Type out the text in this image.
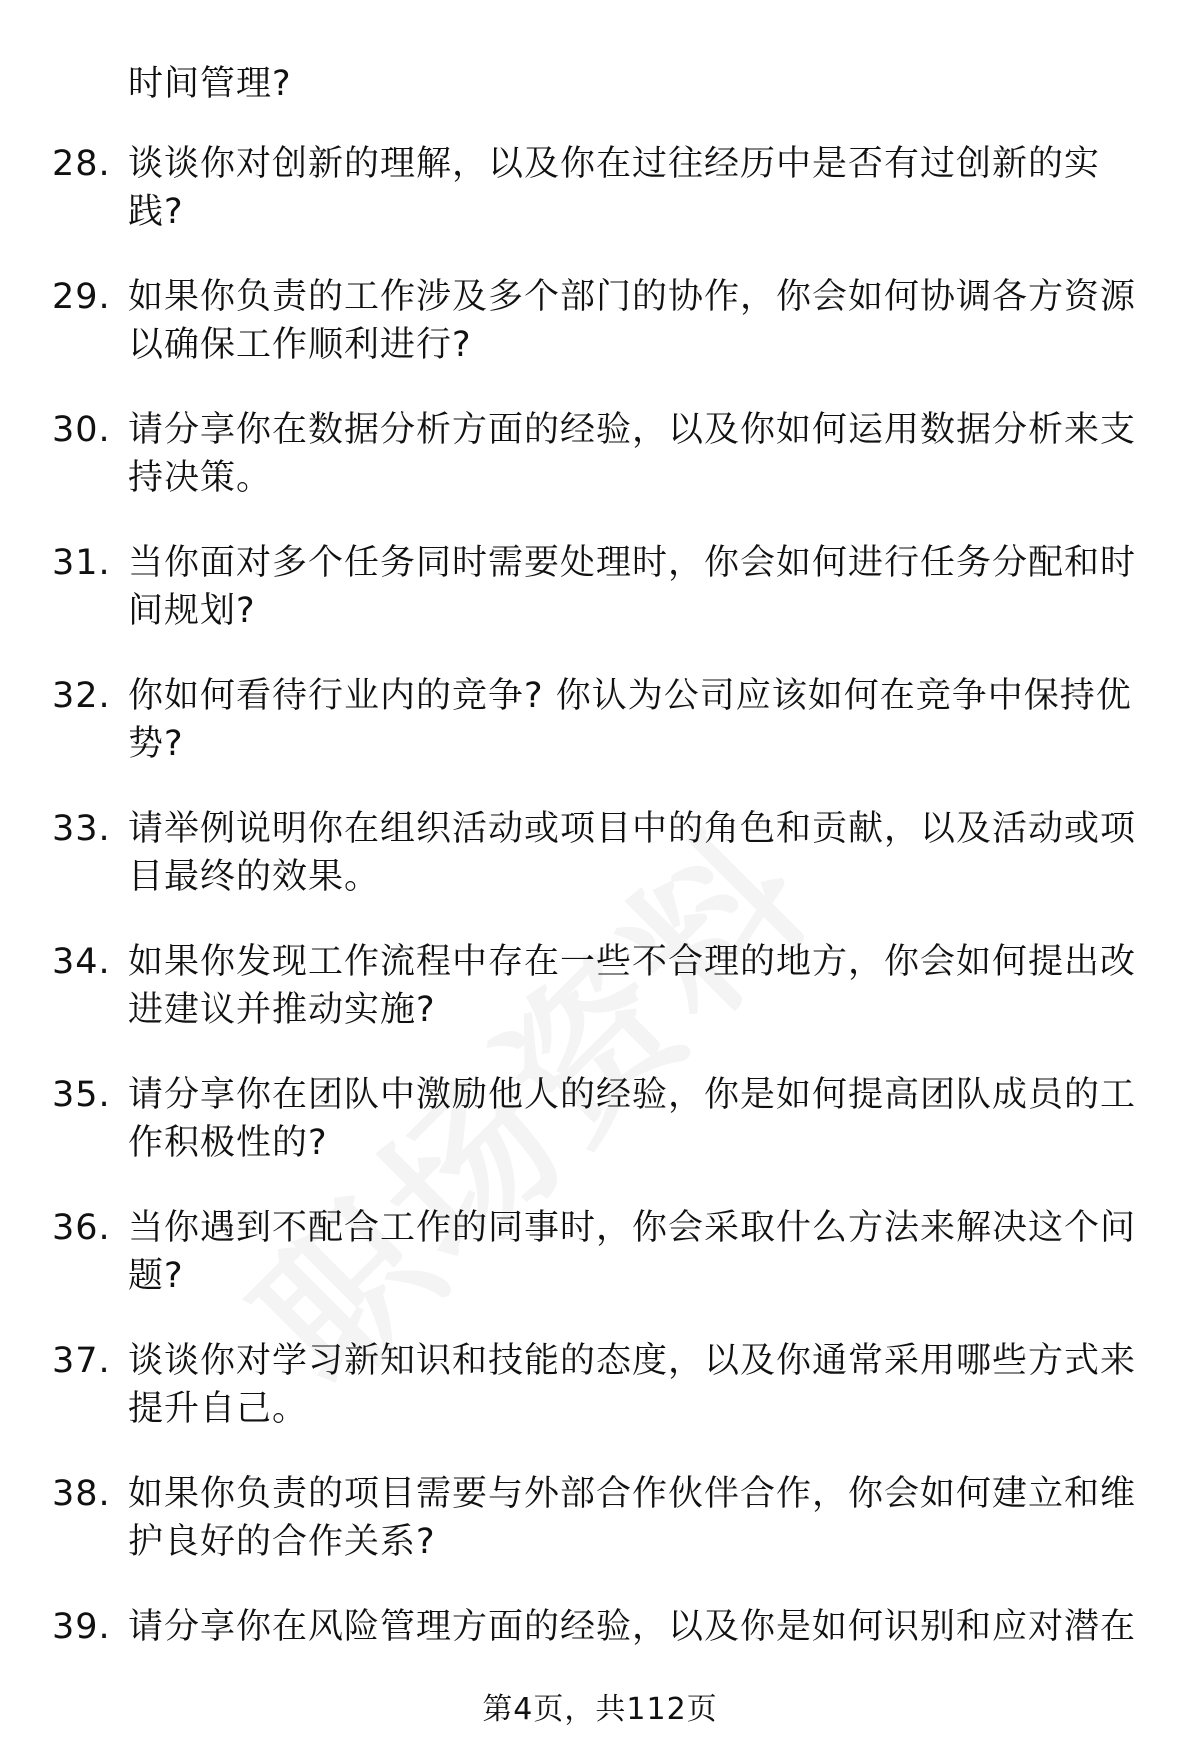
时间管理?
28. 谈谈你对创新的理解，以及你在过往经历中是否有过创新的实
践?
29. 如果你负责的工作涉及多个部门的协作，你会如何协调各方资源
以确保工作顺利进行?
30. 请分享你在数据分析方面的经验，以及你如何运用数据分析来支
持决策。
31. 当你面对多个任务同时需要处理时，你会如何进行任务分配和时
间规划?
32. 你如何看待行业内的竞争? 你认为公司应该如何在竞争中保持优
势?
33. 请举例说明你在组织活动或项目中的角色和贡献，以及活动或项
目最终的效果。
34. 如果你发现工作流程中存在一些不合理的地方，你会如何提出改
进建议并推动实施?
35. 请分享你在团队中激励他人的经验，你是如何提高团队成员的工
作积极性的?
36. 当你遇到不配合工作的同事时，你会采取什么方法来解决这个问
题?
37. 谈谈你对学习新知识和技能的态度，以及你通常采用哪些方式来
提升自己。
38. 如果你负责的项目需要与外部合作伙伴合作，你会如何建立和维
护良好的合作关系?
39. 请分享你在风险管理方面的经验，以及你是如何识别和应对潜在
第4页，共112页
